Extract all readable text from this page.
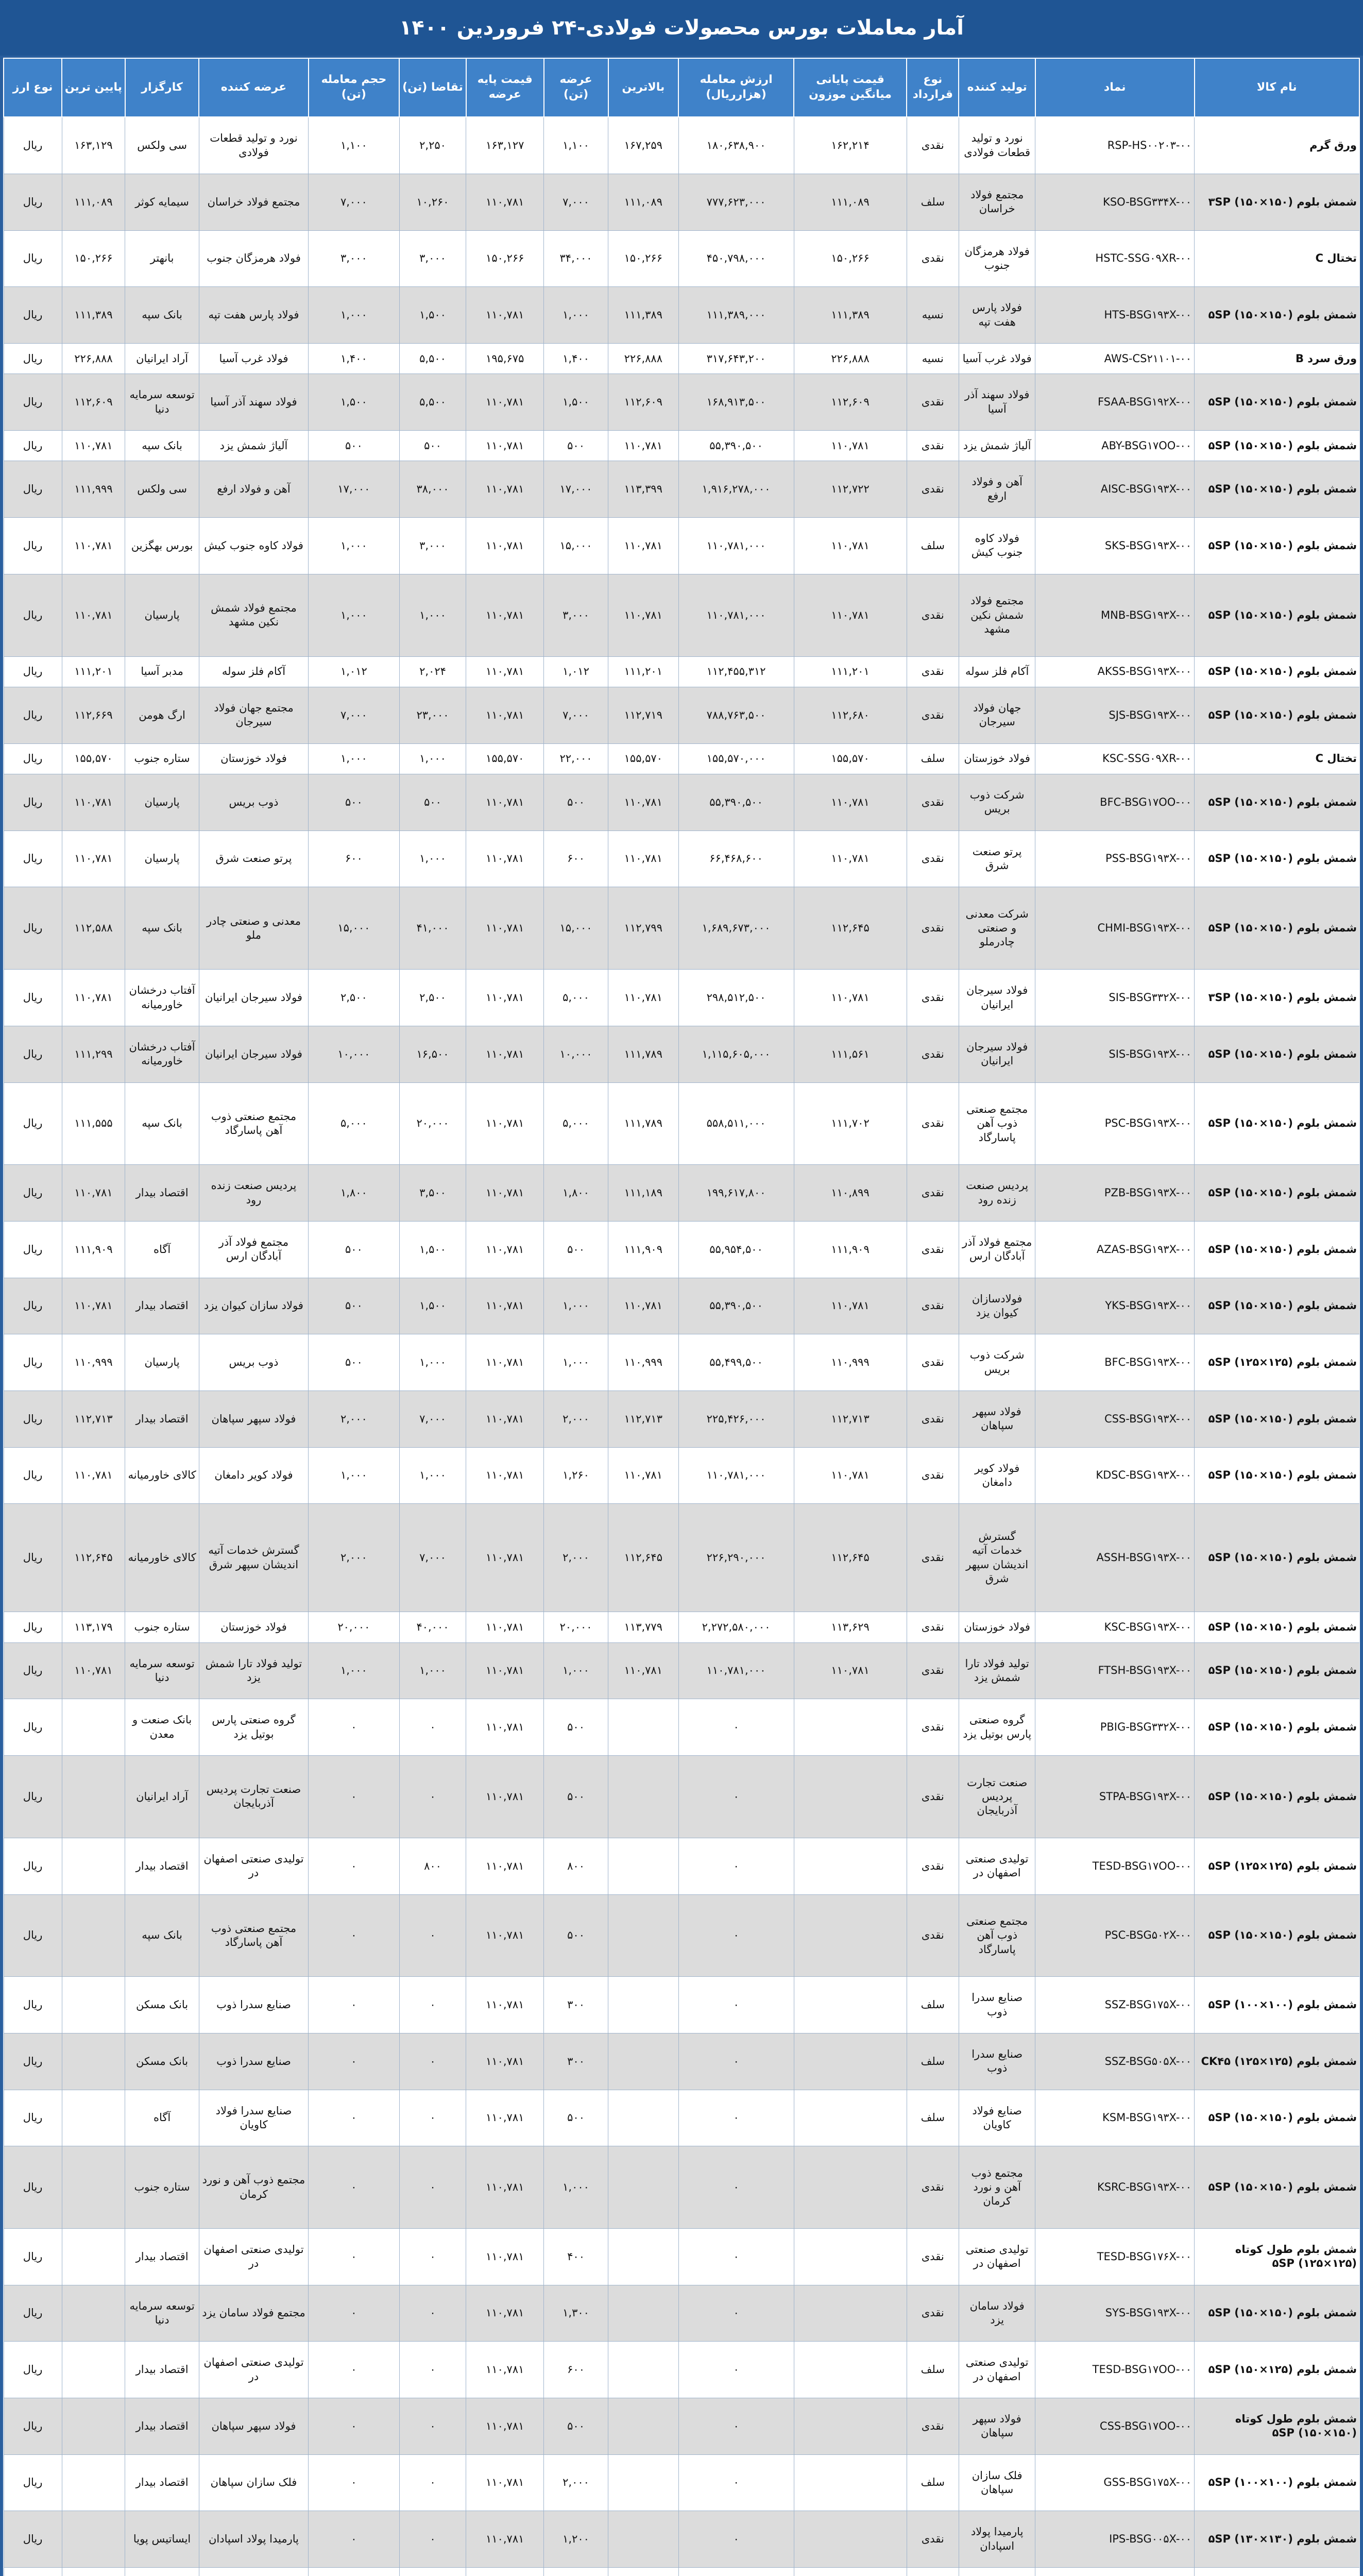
آمار معاملات بورس محصولات فولادی-۲۴ فروردین ۱۴۰۰
نام کالا	نماد	تولید کننده	نوع قرارداد	قیمت پایانی میانگین موزون	ارزش معامله (هزارریال)	بالاترین	عرضه (تن)	قیمت پایه عرضه	تقاضا (تن)	حجم معامله (تن)	عرضه کننده	کارگزار	پایین ترین	نوع ارز
ورق گرم	RSP-HS۰۰۲۰۳-۰۰	نورد و تولید قطعات فولادی	نقدی	۱۶۲,۲۱۴	۱۸۰,۶۳۸,۹۰۰	۱۶۷,۲۵۹	۱,۱۰۰	۱۶۳,۱۲۷	۲,۲۵۰	۱,۱۰۰	نورد و تولید قطعات فولادی	سی ولکس	۱۶۳,۱۲۹	ریال
شمش بلوم (۱۵۰×۱۵۰) ۳SP	KSO-BSG۳۳۴X-۰۰	مجتمع فولاد خراسان	سلف	۱۱۱,۰۸۹	۷۷۷,۶۲۳,۰۰۰	۱۱۱,۰۸۹	۷,۰۰۰	۱۱۰,۷۸۱	۱۰,۲۶۰	۷,۰۰۰	مجتمع فولاد خراسان	سیمایه کوثر	۱۱۱,۰۸۹	ریال
تختال C	HSTC-SSG۰۹XR-۰۰	فولاد هرمزگان جنوب	نقدی	۱۵۰,۲۶۶	۴۵۰,۷۹۸,۰۰۰	۱۵۰,۲۶۶	۳۴,۰۰۰	۱۵۰,۲۶۶	۳,۰۰۰	۳,۰۰۰	فولاد هرمزگان جنوب	بانهتر	۱۵۰,۲۶۶	ریال
شمش بلوم (۱۵۰×۱۵۰) ۵SP	HTS-BSG۱۹۳X-۰۰	فولاد پارس هفت تپه	نسیه	۱۱۱,۳۸۹	۱۱۱,۳۸۹,۰۰۰	۱۱۱,۳۸۹	۱,۰۰۰	۱۱۰,۷۸۱	۱,۵۰۰	۱,۰۰۰	فولاد پارس هفت تپه	بانک سپه	۱۱۱,۳۸۹	ریال
ورق سرد B	AWS-CS۲۱۱۰۱-۰۰	فولاد غرب آسیا	نسیه	۲۲۶,۸۸۸	۳۱۷,۶۴۳,۲۰۰	۲۲۶,۸۸۸	۱,۴۰۰	۱۹۵,۶۷۵	۵,۵۰۰	۱,۴۰۰	فولاد غرب آسیا	آراد ایرانیان	۲۲۶,۸۸۸	ریال
شمش بلوم (۱۵۰×۱۵۰) ۵SP	FSAA-BSG۱۹۲X-۰۰	فولاد سهند آذر آسیا	نقدی	۱۱۲,۶۰۹	۱۶۸,۹۱۳,۵۰۰	۱۱۲,۶۰۹	۱,۵۰۰	۱۱۰,۷۸۱	۵,۵۰۰	۱,۵۰۰	فولاد سهند آذر آسیا	توسعه سرمایه دنیا	۱۱۲,۶۰۹	ریال
شمش بلوم (۱۵۰×۱۵۰) ۵SP	ABY-BSG۱۷OO-۰۰	آلیاژ شمش یزد	نقدی	۱۱۰,۷۸۱	۵۵,۳۹۰,۵۰۰	۱۱۰,۷۸۱	۵۰۰	۱۱۰,۷۸۱	۵۰۰	۵۰۰	آلیاژ شمش یزد	بانک سپه	۱۱۰,۷۸۱	ریال
شمش بلوم (۱۵۰×۱۵۰) ۵SP	AISC-BSG۱۹۳X-۰۰	آهن و فولاد ارفع	نقدی	۱۱۲,۷۲۲	۱,۹۱۶,۲۷۸,۰۰۰	۱۱۳,۳۹۹	۱۷,۰۰۰	۱۱۰,۷۸۱	۳۸,۰۰۰	۱۷,۰۰۰	آهن و فولاد ارفع	سی ولکس	۱۱۱,۹۹۹	ریال
شمش بلوم (۱۵۰×۱۵۰) ۵SP	SKS-BSG۱۹۳X-۰۰	فولاد کاوه جنوب کیش	سلف	۱۱۰,۷۸۱	۱۱۰,۷۸۱,۰۰۰	۱۱۰,۷۸۱	۱۵,۰۰۰	۱۱۰,۷۸۱	۳,۰۰۰	۱,۰۰۰	فولاد کاوه جنوب کیش	بورس بهگزین	۱۱۰,۷۸۱	ریال
شمش بلوم (۱۵۰×۱۵۰) ۵SP	MNB-BSG۱۹۳X-۰۰	مجتمع فولاد شمش نکین مشهد	نقدی	۱۱۰,۷۸۱	۱۱۰,۷۸۱,۰۰۰	۱۱۰,۷۸۱	۳,۰۰۰	۱۱۰,۷۸۱	۱,۰۰۰	۱,۰۰۰	مجتمع فولاد شمش نکین مشهد	پارسیان	۱۱۰,۷۸۱	ریال
شمش بلوم (۱۵۰×۱۵۰) ۵SP	AKSS-BSG۱۹۳X-۰۰	آکام فلز سوله	نقدی	۱۱۱,۲۰۱	۱۱۲,۴۵۵,۳۱۲	۱۱۱,۲۰۱	۱,۰۱۲	۱۱۰,۷۸۱	۲,۰۲۴	۱,۰۱۲	آکام فلز سوله	مدبر آسیا	۱۱۱,۲۰۱	ریال
شمش بلوم (۱۵۰×۱۵۰) ۵SP	SJS-BSG۱۹۳X-۰۰	جهان فولاد سیرجان	نقدی	۱۱۲,۶۸۰	۷۸۸,۷۶۳,۵۰۰	۱۱۲,۷۱۹	۷,۰۰۰	۱۱۰,۷۸۱	۲۳,۰۰۰	۷,۰۰۰	مجتمع جهان فولاد سیرجان	ارگ هومن	۱۱۲,۶۶۹	ریال
تختال C	KSC-SSG۰۹XR-۰۰	فولاد خوزستان	سلف	۱۵۵,۵۷۰	۱۵۵,۵۷۰,۰۰۰	۱۵۵,۵۷۰	۲۲,۰۰۰	۱۵۵,۵۷۰	۱,۰۰۰	۱,۰۰۰	فولاد خوزستان	ستاره جنوب	۱۵۵,۵۷۰	ریال
شمش بلوم (۱۵۰×۱۵۰) ۵SP	BFC-BSG۱۷OO-۰۰	شرکت ذوب بریس	نقدی	۱۱۰,۷۸۱	۵۵,۳۹۰,۵۰۰	۱۱۰,۷۸۱	۵۰۰	۱۱۰,۷۸۱	۵۰۰	۵۰۰	ذوب بریس	پارسیان	۱۱۰,۷۸۱	ریال
شمش بلوم (۱۵۰×۱۵۰) ۵SP	PSS-BSG۱۹۳X-۰۰	پرتو صنعت شرق	نقدی	۱۱۰,۷۸۱	۶۶,۴۶۸,۶۰۰	۱۱۰,۷۸۱	۶۰۰	۱۱۰,۷۸۱	۱,۰۰۰	۶۰۰	پرتو صنعت شرق	پارسیان	۱۱۰,۷۸۱	ریال
شمش بلوم (۱۵۰×۱۵۰) ۵SP	CHMI-BSG۱۹۳X-۰۰	شرکت معدنی و صنعتی چادرملو	نقدی	۱۱۲,۶۴۵	۱,۶۸۹,۶۷۳,۰۰۰	۱۱۲,۷۹۹	۱۵,۰۰۰	۱۱۰,۷۸۱	۴۱,۰۰۰	۱۵,۰۰۰	معدنی و صنعتی چادر ملو	بانک سپه	۱۱۲,۵۸۸	ریال
شمش بلوم (۱۵۰×۱۵۰) ۳SP	SIS-BSG۳۳۲X-۰۰	فولاد سیرجان ایرانیان	نقدی	۱۱۰,۷۸۱	۲۹۸,۵۱۲,۵۰۰	۱۱۰,۷۸۱	۵,۰۰۰	۱۱۰,۷۸۱	۲,۵۰۰	۲,۵۰۰	فولاد سیرجان ایرانیان	آفتاب درخشان خاورمیانه	۱۱۰,۷۸۱	ریال
شمش بلوم (۱۵۰×۱۵۰) ۵SP	SIS-BSG۱۹۳X-۰۰	فولاد سیرجان ایرانیان	نقدی	۱۱۱,۵۶۱	۱,۱۱۵,۶۰۵,۰۰۰	۱۱۱,۷۸۹	۱۰,۰۰۰	۱۱۰,۷۸۱	۱۶,۵۰۰	۱۰,۰۰۰	فولاد سیرجان ایرانیان	آفتاب درخشان خاورمیانه	۱۱۱,۲۹۹	ریال
شمش بلوم (۱۵۰×۱۵۰) ۵SP	PSC-BSG۱۹۳X-۰۰	مجتمع صنعتی ذوب آهن پاسارگاد	نقدی	۱۱۱,۷۰۲	۵۵۸,۵۱۱,۰۰۰	۱۱۱,۷۸۹	۵,۰۰۰	۱۱۰,۷۸۱	۲۰,۰۰۰	۵,۰۰۰	مجتمع صنعتی ذوب آهن پاسارگاد	بانک سپه	۱۱۱,۵۵۵	ریال
شمش بلوم (۱۵۰×۱۵۰) ۵SP	PZB-BSG۱۹۳X-۰۰	پردیس صنعت زنده رود	نقدی	۱۱۰,۸۹۹	۱۹۹,۶۱۷,۸۰۰	۱۱۱,۱۸۹	۱,۸۰۰	۱۱۰,۷۸۱	۳,۵۰۰	۱,۸۰۰	پردیس صنعت زنده رود	اقتصاد بیدار	۱۱۰,۷۸۱	ریال
شمش بلوم (۱۵۰×۱۵۰) ۵SP	AZAS-BSG۱۹۳X-۰۰	مجتمع فولاد آذر آبادگان ارس	نقدی	۱۱۱,۹۰۹	۵۵,۹۵۴,۵۰۰	۱۱۱,۹۰۹	۵۰۰	۱۱۰,۷۸۱	۱,۵۰۰	۵۰۰	مجتمع فولاد آذر آبادگان ارس	آگاه	۱۱۱,۹۰۹	ریال
شمش بلوم (۱۵۰×۱۵۰) ۵SP	YKS-BSG۱۹۳X-۰۰	فولادسازان کیوان یزد	نقدی	۱۱۰,۷۸۱	۵۵,۳۹۰,۵۰۰	۱۱۰,۷۸۱	۱,۰۰۰	۱۱۰,۷۸۱	۱,۵۰۰	۵۰۰	فولاد سازان کیوان یزد	اقتصاد بیدار	۱۱۰,۷۸۱	ریال
شمش بلوم (۱۲۵×۱۲۵) ۵SP	BFC-BSG۱۹۳X-۰۰	شرکت ذوب بریس	نقدی	۱۱۰,۹۹۹	۵۵,۴۹۹,۵۰۰	۱۱۰,۹۹۹	۱,۰۰۰	۱۱۰,۷۸۱	۱,۰۰۰	۵۰۰	ذوب بریس	پارسیان	۱۱۰,۹۹۹	ریال
شمش بلوم (۱۵۰×۱۵۰) ۵SP	CSS-BSG۱۹۳X-۰۰	فولاد سپهر سپاهان	نقدی	۱۱۲,۷۱۳	۲۲۵,۴۲۶,۰۰۰	۱۱۲,۷۱۳	۲,۰۰۰	۱۱۰,۷۸۱	۷,۰۰۰	۲,۰۰۰	فولاد سپهر سپاهان	اقتصاد بیدار	۱۱۲,۷۱۳	ریال
شمش بلوم (۱۵۰×۱۵۰) ۵SP	KDSC-BSG۱۹۳X-۰۰	فولاد کویر دامغان	نقدی	۱۱۰,۷۸۱	۱۱۰,۷۸۱,۰۰۰	۱۱۰,۷۸۱	۱,۲۶۰	۱۱۰,۷۸۱	۱,۰۰۰	۱,۰۰۰	فولاد کویر دامغان	کالای خاورمیانه	۱۱۰,۷۸۱	ریال
شمش بلوم (۱۵۰×۱۵۰) ۵SP	ASSH-BSG۱۹۳X-۰۰	گسترش خدمات آتیه اندیشان سپهر شرق	نقدی	۱۱۲,۶۴۵	۲۲۶,۲۹۰,۰۰۰	۱۱۲,۶۴۵	۲,۰۰۰	۱۱۰,۷۸۱	۷,۰۰۰	۲,۰۰۰	گسترش خدمات آتیه اندیشان سپهر شرق	کالای خاورمیانه	۱۱۲,۶۴۵	ریال
شمش بلوم (۱۵۰×۱۵۰) ۵SP	KSC-BSG۱۹۳X-۰۰	فولاد خوزستان	نقدی	۱۱۳,۶۲۹	۲,۲۷۲,۵۸۰,۰۰۰	۱۱۳,۷۷۹	۲۰,۰۰۰	۱۱۰,۷۸۱	۴۰,۰۰۰	۲۰,۰۰۰	فولاد خوزستان	ستاره جنوب	۱۱۳,۱۷۹	ریال
شمش بلوم (۱۵۰×۱۵۰) ۵SP	FTSH-BSG۱۹۳X-۰۰	تولید فولاد تارا شمش یزد	نقدی	۱۱۰,۷۸۱	۱۱۰,۷۸۱,۰۰۰	۱۱۰,۷۸۱	۱,۰۰۰	۱۱۰,۷۸۱	۱,۰۰۰	۱,۰۰۰	تولید فولاد تارا شمش یزد	توسعه سرمایه دنیا	۱۱۰,۷۸۱	ریال
شمش بلوم (۱۵۰×۱۵۰) ۵SP	PBIG-BSG۳۳۲X-۰۰	گروه صنعتی پارس بوتیل یزد	نقدی		۰		۵۰۰	۱۱۰,۷۸۱	۰	۰	گروه صنعتی پارس بوتیل یزد	بانک صنعت و معدن		ریال
شمش بلوم (۱۵۰×۱۵۰) ۵SP	STPA-BSG۱۹۳X-۰۰	صنعت تجارت پردیس آذربایجان	نقدی		۰		۵۰۰	۱۱۰,۷۸۱	۰	۰	صنعت تجارت پردیس آذربایجان	آراد ایرانیان		ریال
شمش بلوم (۱۲۵×۱۲۵) ۵SP	TESD-BSG۱۷OO-۰۰	تولیدی صنعتی اصفهان در	نقدی		۰		۸۰۰	۱۱۰,۷۸۱	۸۰۰	۰	تولیدی صنعتی اصفهان در	اقتصاد بیدار		ریال
شمش بلوم (۱۵۰×۱۵۰) ۵SP	PSC-BSG۵۰۲X-۰۰	مجتمع صنعتی ذوب آهن پاسارگاد	نقدی		۰		۵۰۰	۱۱۰,۷۸۱	۰	۰	مجتمع صنعتی ذوب آهن پاسارگاد	بانک سپه		ریال
شمش بلوم (۱۰۰×۱۰۰) ۵SP	SSZ-BSG۱۷۵X-۰۰	صنایع سدرا ذوب	سلف		۰		۳۰۰	۱۱۰,۷۸۱	۰	۰	صنایع سدرا ذوب	بانک مسکن		ریال
شمش بلوم (۱۲۵×۱۲۵) CK۴۵	SSZ-BSG۵۰۵X-۰۰	صنایع سدرا ذوب	سلف		۰		۳۰۰	۱۱۰,۷۸۱	۰	۰	صنایع سدرا ذوب	بانک مسکن		ریال
شمش بلوم (۱۵۰×۱۵۰) ۵SP	KSM-BSG۱۹۳X-۰۰	صنایع فولاد کاویان	سلف		۰		۵۰۰	۱۱۰,۷۸۱	۰	۰	صنایع سدرا فولاد کاویان	آگاه		ریال
شمش بلوم (۱۵۰×۱۵۰) ۵SP	KSRC-BSG۱۹۳X-۰۰	مجتمع ذوب آهن و نورد کرمان	نقدی		۰		۱,۰۰۰	۱۱۰,۷۸۱	۰	۰	مجتمع ذوب آهن و نورد کرمان	ستاره جنوب		ریال
شمش بلوم طول کوتاه (۱۲۵×۱۲۵) ۵SP	TESD-BSG۱۷۶X-۰۰	تولیدی صنعتی اصفهان در	نقدی		۰		۴۰۰	۱۱۰,۷۸۱	۰	۰	تولیدی صنعتی اصفهان در	اقتصاد بیدار		ریال
شمش بلوم (۱۵۰×۱۵۰) ۵SP	SYS-BSG۱۹۳X-۰۰	فولاد سامان یزد	نقدی		۰		۱,۳۰۰	۱۱۰,۷۸۱	۰	۰	مجتمع فولاد سامان یزد	توسعه سرمایه دنیا		ریال
شمش بلوم (۱۲۵×۱۵۰) ۵SP	TESD-BSG۱۷OO-۰۰	تولیدی صنعتی اصفهان در	سلف		۰		۶۰۰	۱۱۰,۷۸۱	۰	۰	تولیدی صنعتی اصفهان در	اقتصاد بیدار		ریال
شمش بلوم طول کوتاه (۱۵۰×۱۵۰) ۵SP	CSS-BSG۱۷OO-۰۰	فولاد سپهر سپاهان	نقدی		۰		۵۰۰	۱۱۰,۷۸۱	۰	۰	فولاد سپهر سپاهان	اقتصاد بیدار		ریال
شمش بلوم (۱۰۰×۱۰۰) ۵SP	GSS-BSG۱۷۵X-۰۰	فلک سازان سپاهان	سلف		۰		۲,۰۰۰	۱۱۰,۷۸۱	۰	۰	فلک سازان سپاهان	اقتصاد بیدار		ریال
شمش بلوم (۱۳۰×۱۳۰) ۵SP	IPS-BSG۰۰۵X-۰۰	پارمیدا پولاد اسپادان	نقدی		۰		۱,۲۰۰	۱۱۰,۷۸۱	۰	۰	پارمیدا پولاد اسپادان	ایساتیس پویا		ریال
